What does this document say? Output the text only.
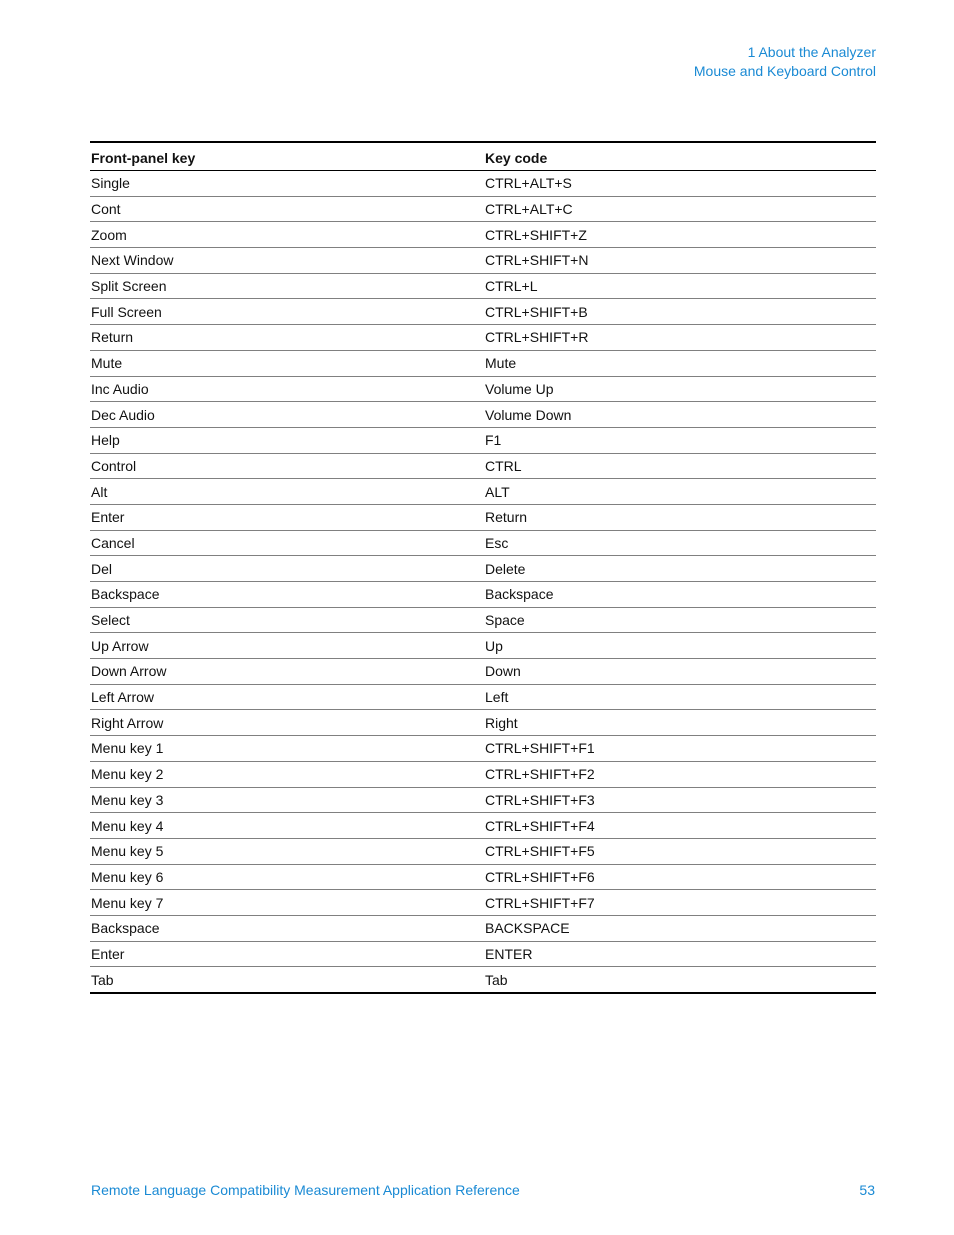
1 About the Analyzer
Mouse and Keyboard Control
Front-panel key	Key code
Single	CTRL+ALT+S
Cont	CTRL+ALT+C
Zoom	CTRL+SHIFT+Z
Next Window	CTRL+SHIFT+N
Split Screen	CTRL+L
Full Screen	CTRL+SHIFT+B
Return	CTRL+SHIFT+R
Mute	Mute
Inc Audio	Volume Up
Dec Audio	Volume Down
Help	F1
Control	CTRL
Alt	ALT
Enter	Return
Cancel	Esc
Del	Delete
Backspace	Backspace
Select	Space
Up Arrow	Up
Down Arrow	Down
Left Arrow	Left
Right Arrow	Right
Menu key 1	CTRL+SHIFT+F1
Menu key 2	CTRL+SHIFT+F2
Menu key 3	CTRL+SHIFT+F3
Menu key 4	CTRL+SHIFT+F4
Menu key 5	CTRL+SHIFT+F5
Menu key 6	CTRL+SHIFT+F6
Menu key 7	CTRL+SHIFT+F7
Backspace	BACKSPACE
Enter	ENTER
Tab	Tab
Remote Language Compatibility Measurement Application Reference	53
